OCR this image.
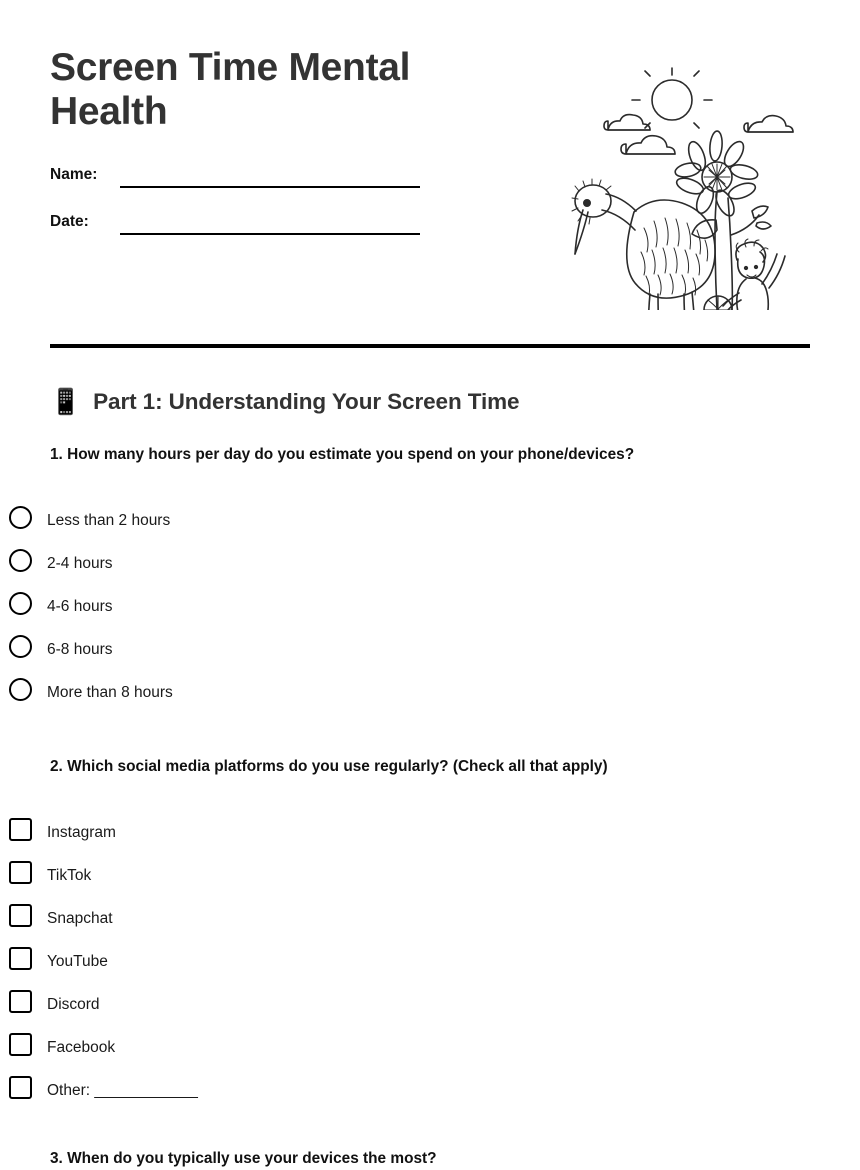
Screen Time Mental Health
Name:
Date:
📱 Part 1: Understanding Your Screen Time
1. How many hours per day do you estimate you spend on your phone/devices?
Less than 2 hours
2-4 hours
4-6 hours
6-8 hours
More than 8 hours
2. Which social media platforms do you use regularly? (Check all that apply)
Instagram
TikTok
Snapchat
YouTube
Discord
Facebook
Other: ____________
3. When do you typically use your devices the most?
